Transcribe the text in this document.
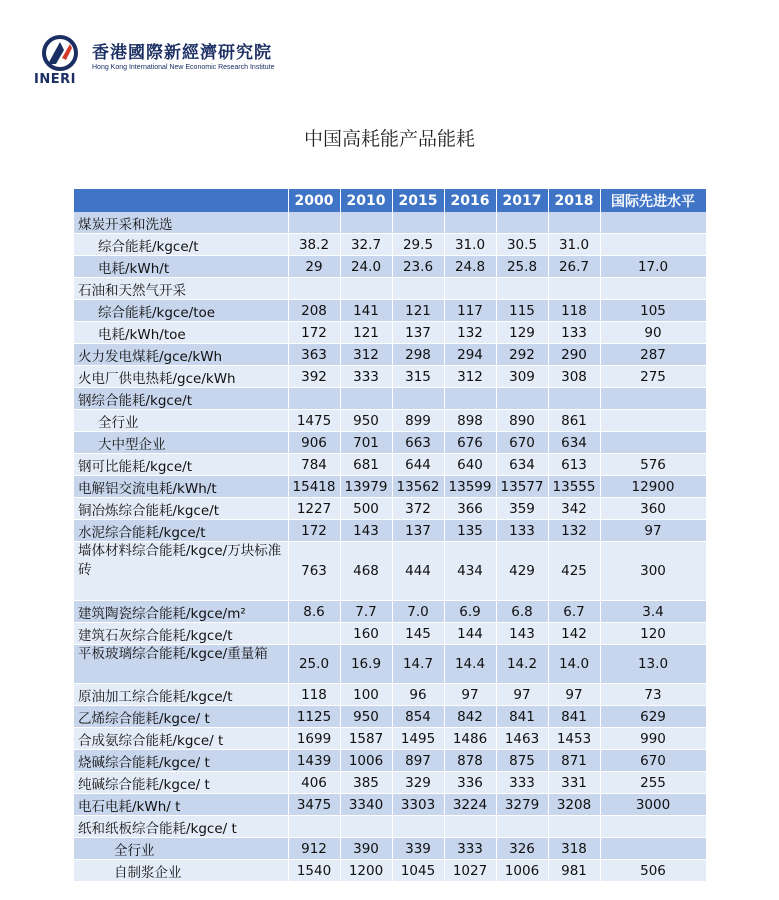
INERI
香港國際新經濟研究院
Hong Kong International New Economic Research Institute
中国高耗能产品能耗
	2000	2010	2015	2016	2017	2018	国际先进水平
煤炭开采和洗选							
综合能耗/kgce/t	38.2	32.7	29.5	31.0	30.5	31.0	
电耗/kWh/t	29	24.0	23.6	24.8	25.8	26.7	17.0
石油和天然气开采							
综合能耗/kgce/toe	208	141	121	117	115	118	105
电耗/kWh/toe	172	121	137	132	129	133	90
火力发电煤耗/gce/kWh	363	312	298	294	292	290	287
火电厂供电热耗/gce/kWh	392	333	315	312	309	308	275
钢综合能耗/kgce/t							
全行业	1475	950	899	898	890	861	
大中型企业	906	701	663	676	670	634	
钢可比能耗/kgce/t	784	681	644	640	634	613	576
电解铝交流电耗/kWh/t	15418	13979	13562	13599	13577	13555	12900
铜冶炼综合能耗/kgce/t	1227	500	372	366	359	342	360
水泥综合能耗/kgce/t	172	143	137	135	133	132	97
墙体材料综合能耗/kgce/万块标准砖	763	468	444	434	429	425	300
建筑陶瓷综合能耗/kgce/m²	8.6	7.7	7.0	6.9	6.8	6.7	3.4
建筑石灰综合能耗/kgce/t		160	145	144	143	142	120
平板玻璃综合能耗/kgce/重量箱	25.0	16.9	14.7	14.4	14.2	14.0	13.0
原油加工综合能耗/kgce/t	118	100	96	97	97	97	73
乙烯综合能耗/kgce/ t	1125	950	854	842	841	841	629
合成氨综合能耗/kgce/ t	1699	1587	1495	1486	1463	1453	990
烧碱综合能耗/kgce/ t	1439	1006	897	878	875	871	670
纯碱综合能耗/kgce/ t	406	385	329	336	333	331	255
电石电耗/kWh/ t	3475	3340	3303	3224	3279	3208	3000
纸和纸板综合能耗/kgce/ t							
全行业	912	390	339	333	326	318	
自制浆企业	1540	1200	1045	1027	1006	981	506
